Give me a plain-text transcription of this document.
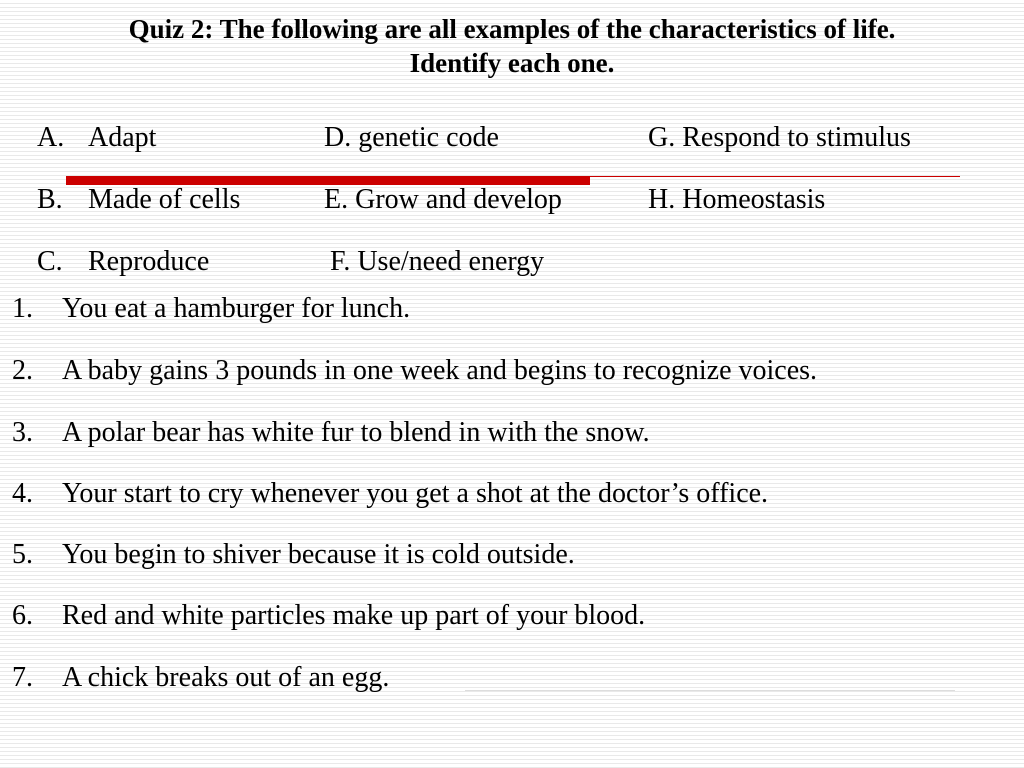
Quiz 2: The following are all examples of the characteristics of life.
Identify each one.
A. Adapt	D. genetic code	G. Respond to stimulus
B. Made of cells	E. Grow and develop	H. Homeostasis
C. Reproduce	F. Use/need energy
1. You eat a hamburger for lunch.
2. A baby gains 3 pounds in one week and begins to recognize voices.
3. A polar bear has white fur to blend in with the snow.
4. Your start to cry whenever you get a shot at the doctor’s office.
5. You begin to shiver because it is cold outside.
6. Red and white particles make up part of your blood.
7. A chick breaks out of an egg.
